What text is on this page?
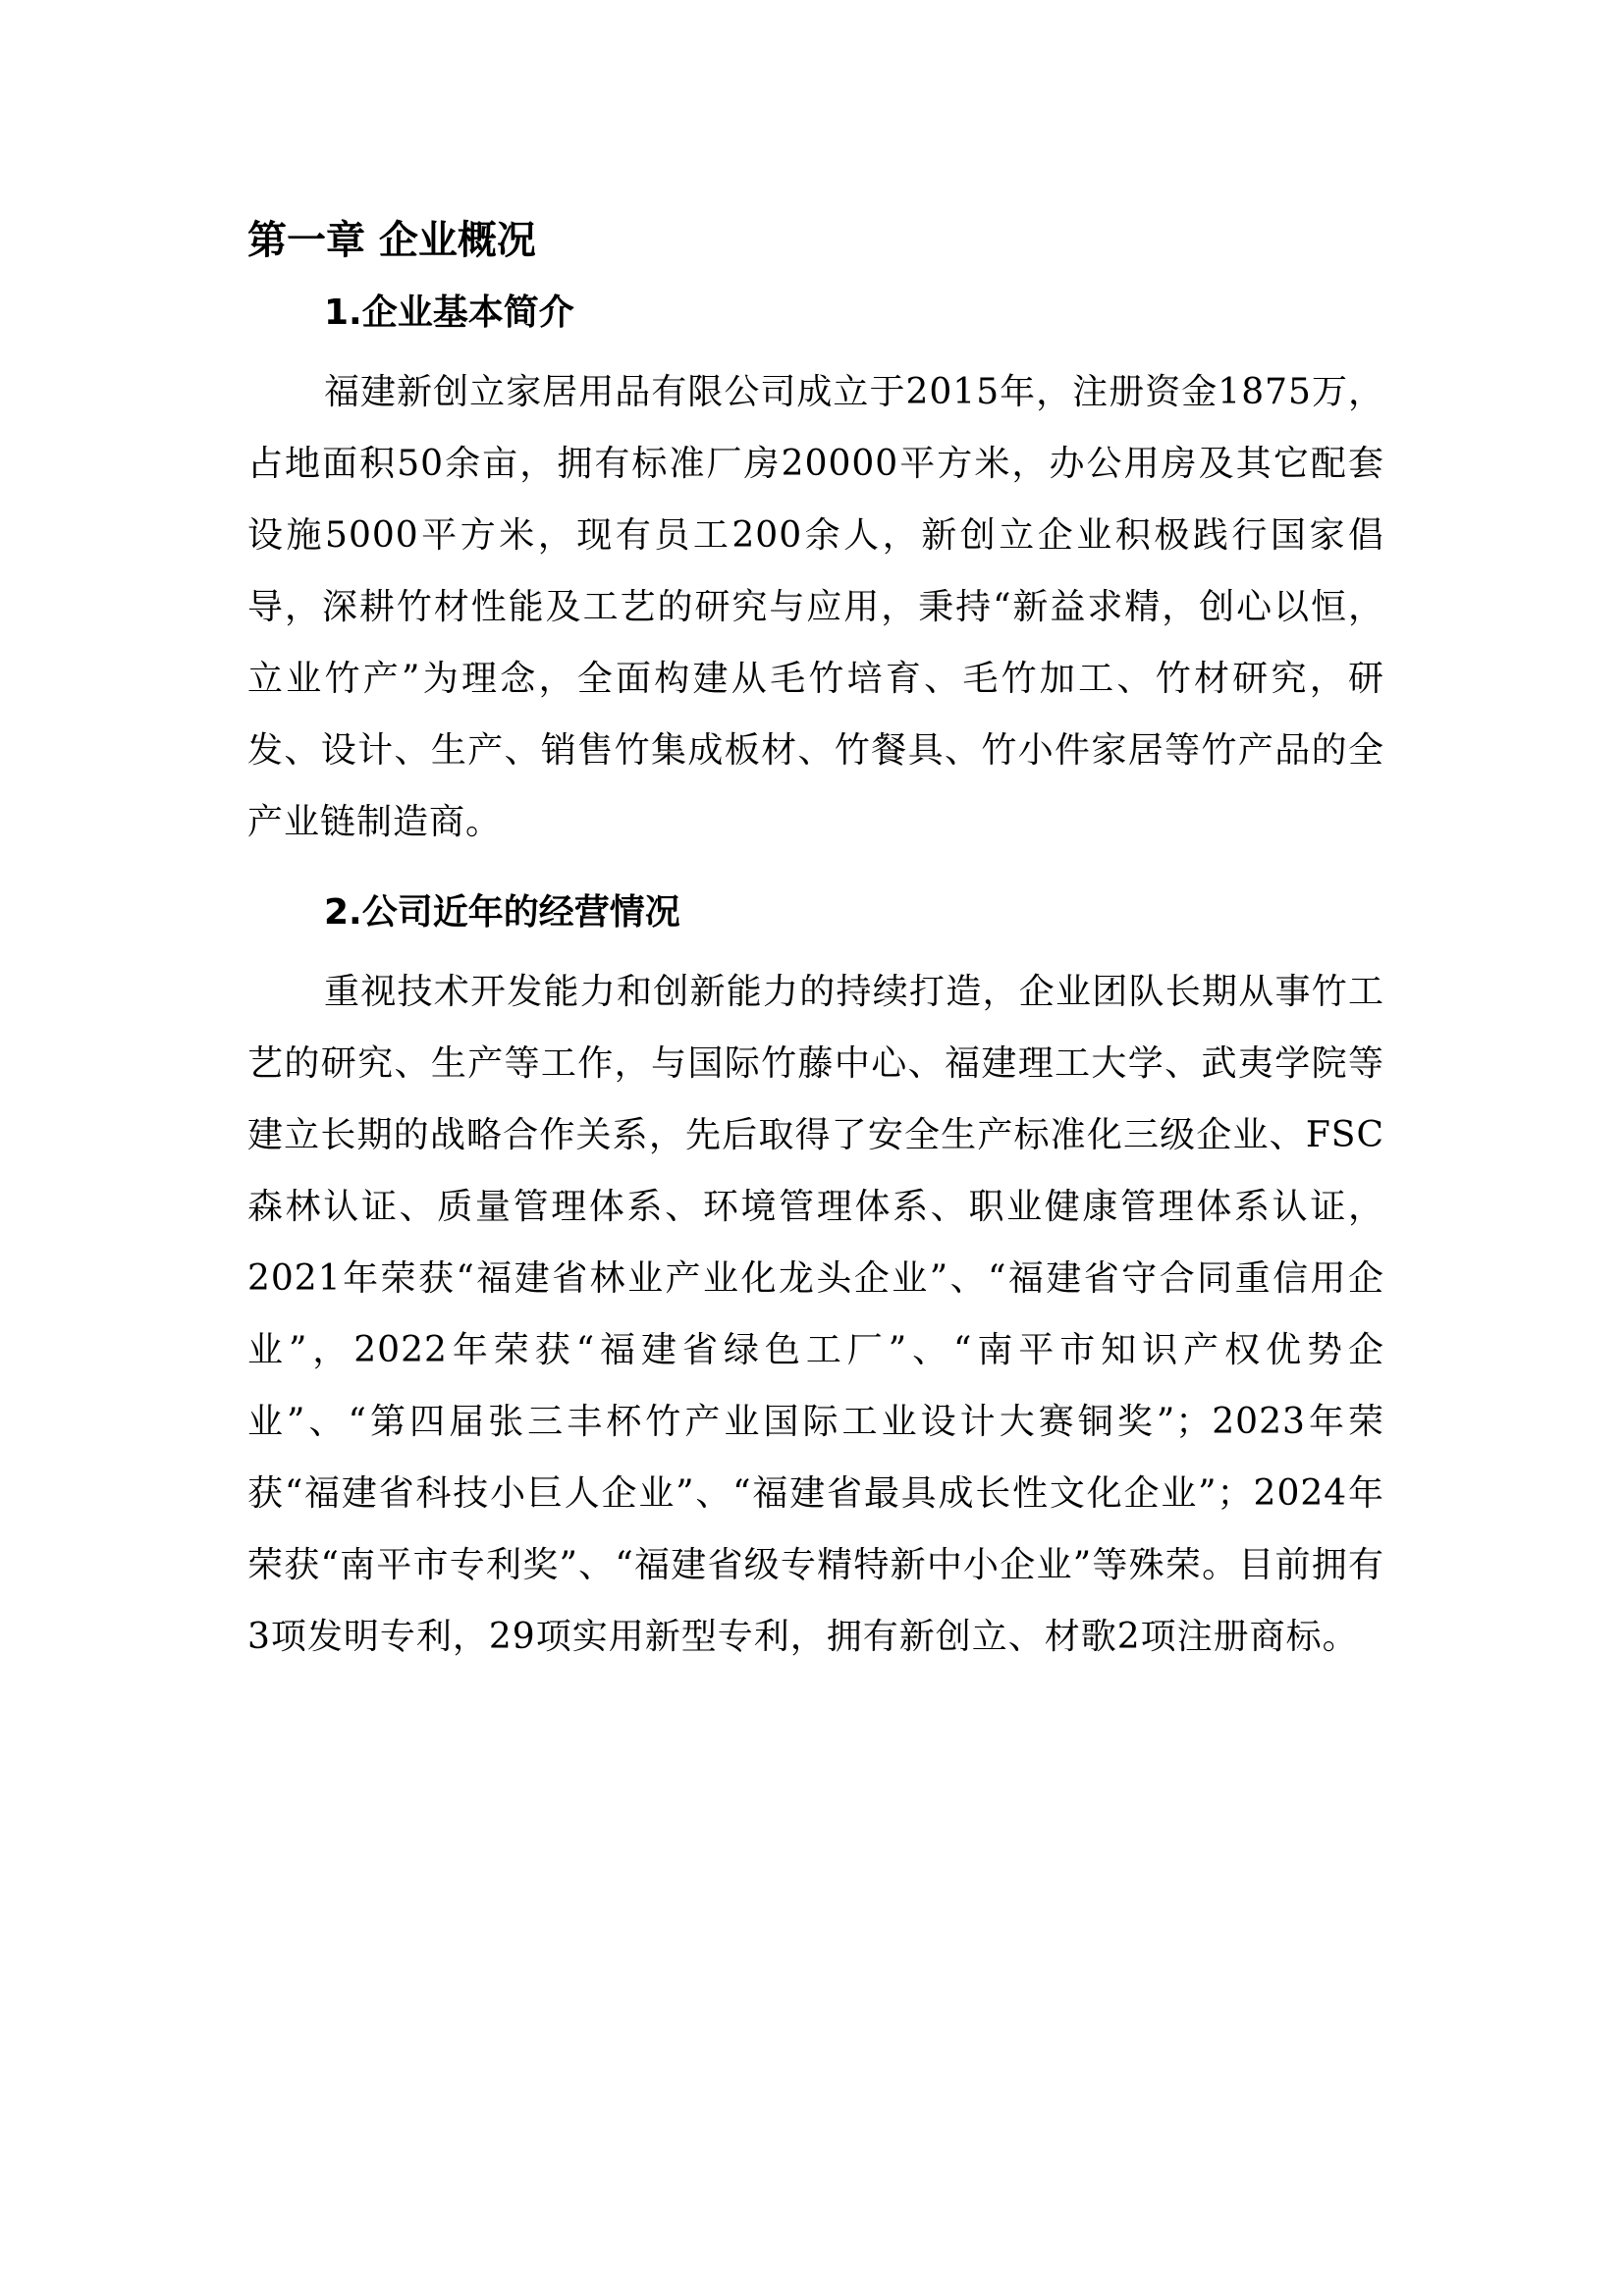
第一章 企业概况
1.企业基本简介

福建新创立家居用品有限公司成立于2015年，注册资金1875万，占地面积50余亩，拥有标准厂房20000平方米，办公用房及其它配套设施5000平方米，现有员工200余人，新创立企业积极践行国家倡导，深耕竹材性能及工艺的研究与应用，秉持“新益求精，创心以恒，立业竹产”为理念，全面构建从毛竹培育、毛竹加工、竹材研究，研发、设计、生产、销售竹集成板材、竹餐具、竹小件家居等竹产品的全产业链制造商。

2.公司近年的经营情况

重视技术开发能力和创新能力的持续打造，企业团队长期从事竹工艺的研究、生产等工作，与国际竹藤中心、福建理工大学、武夷学院等建立长期的战略合作关系，先后取得了安全生产标准化三级企业、FSC森林认证、质量管理体系、环境管理体系、职业健康管理体系认证，2021年荣获“福建省林业产业化龙头企业”、“福建省守合同重信用企业”，2022年荣获“福建省绿色工厂”、“南平市知识产权优势企业”、“第四届张三丰杯竹产业国际工业设计大赛铜奖”；2023年荣获“福建省科技小巨人企业”、“福建省最具成长性文化企业”；2024年荣获“南平市专利奖”、“福建省级专精特新中小企业”等殊荣。目前拥有3项发明专利，29项实用新型专利，拥有新创立、材歌2项注册商标。
